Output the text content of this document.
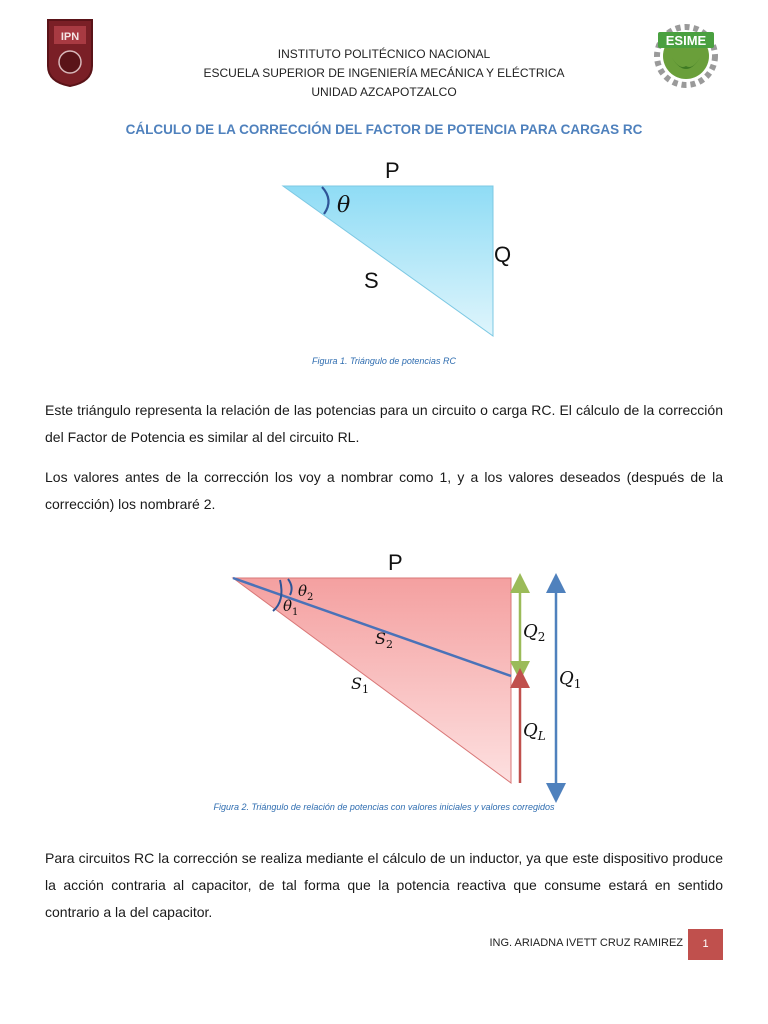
IPN	ESIME
INSTITUTO POLITÉCNICO NACIONAL
ESCUELA SUPERIOR DE INGENIERÍA MECÁNICA Y ELÉCTRICA
UNIDAD AZCAPOTZALCO
CÁLCULO DE LA CORRECCIÓN DEL FACTOR DE POTENCIA PARA CARGAS RC
P
θ
Q
S
Figura 1. Triángulo de potencias RC
Este triángulo representa la relación de las potencias para un circuito o carga RC. El cálculo de la corrección del Factor de Potencia es similar al del circuito RL.
Los valores antes de la corrección los voy a nombrar como 1, y a los valores deseados (después de la corrección) los nombraré 2.
P
$\theta_2$
$\theta_1$
$S_2$
$S_1$
$Q_2$
$Q_1$
$Q_L$
Figura 2. Triángulo de relación de potencias con valores iniciales y valores corregidos
Para circuitos RC la corrección se realiza mediante el cálculo de un inductor, ya que este dispositivo produce la acción contraria al capacitor, de tal forma que la potencia reactiva que consume estará en sentido contrario a la del capacitor.
ING. ARIADNA IVETT CRUZ RAMIREZ	1
